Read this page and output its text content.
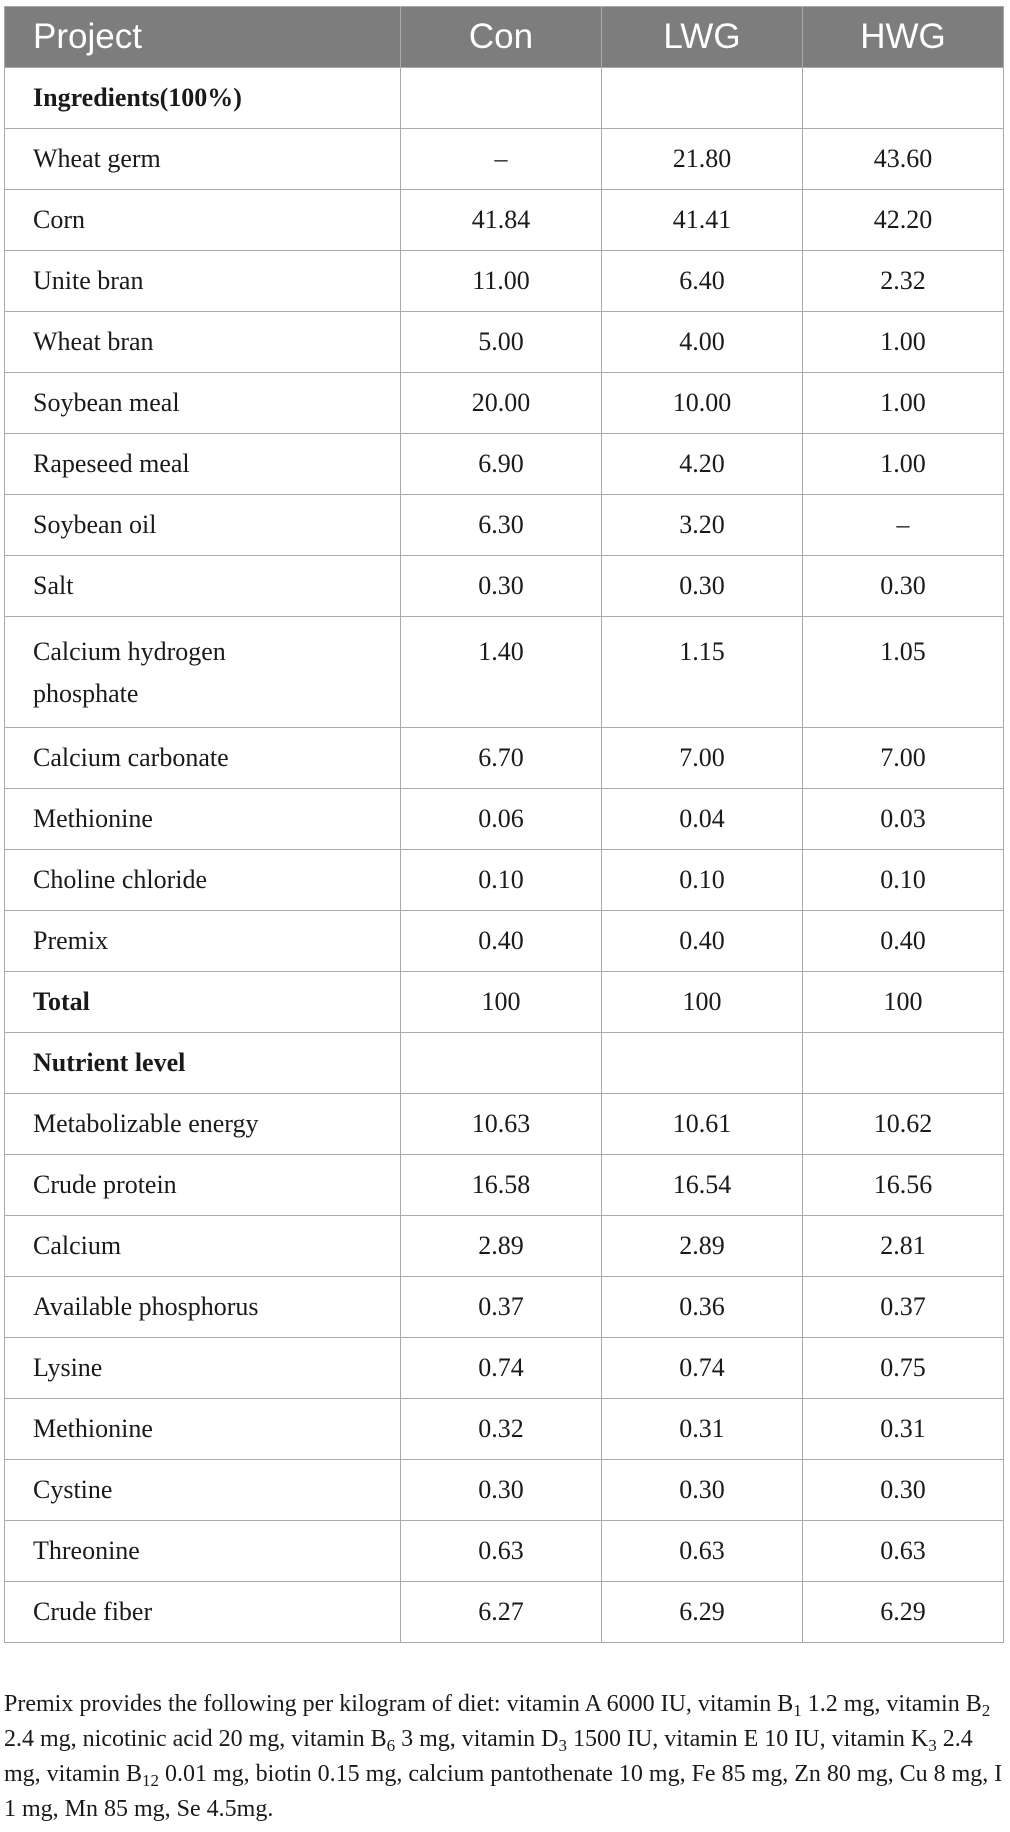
Project	Con	LWG	HWG
Ingredients(100%)			
Wheat germ	–	21.80	43.60
Corn	41.84	41.41	42.20
Unite bran	11.00	6.40	2.32
Wheat bran	5.00	4.00	1.00
Soybean meal	20.00	10.00	1.00
Rapeseed meal	6.90	4.20	1.00
Soybean oil	6.30	3.20	–
Salt	0.30	0.30	0.30
Calcium hydrogen
phosphate	1.40	1.15	1.05
Calcium carbonate	6.70	7.00	7.00
Methionine	0.06	0.04	0.03
Choline chloride	0.10	0.10	0.10
Premix	0.40	0.40	0.40
Total	100	100	100
Nutrient level			
Metabolizable energy	10.63	10.61	10.62
Crude protein	16.58	16.54	16.56
Calcium	2.89	2.89	2.81
Available phosphorus	0.37	0.36	0.37
Lysine	0.74	0.74	0.75
Methionine	0.32	0.31	0.31
Cystine	0.30	0.30	0.30
Threonine	0.63	0.63	0.63
Crude fiber	6.27	6.29	6.29
Premix provides the following per kilogram of diet: vitamin A 6000 IU, vitamin $B_1$ 1.2 mg, vitamin $B_2$ 2.4 mg, nicotinic acid 20 mg, vitamin $B_6$ 3 mg, vitamin $D_3$ 1500 IU, vitamin E 10 IU, vitamin $K_3$ 2.4 mg, vitamin $B_{12}$ 0.01 mg, biotin 0.15 mg, calcium pantothenate 10 mg, Fe 85 mg, Zn 80 mg, Cu 8 mg, I 1 mg, Mn 85 mg, Se 4.5mg.
